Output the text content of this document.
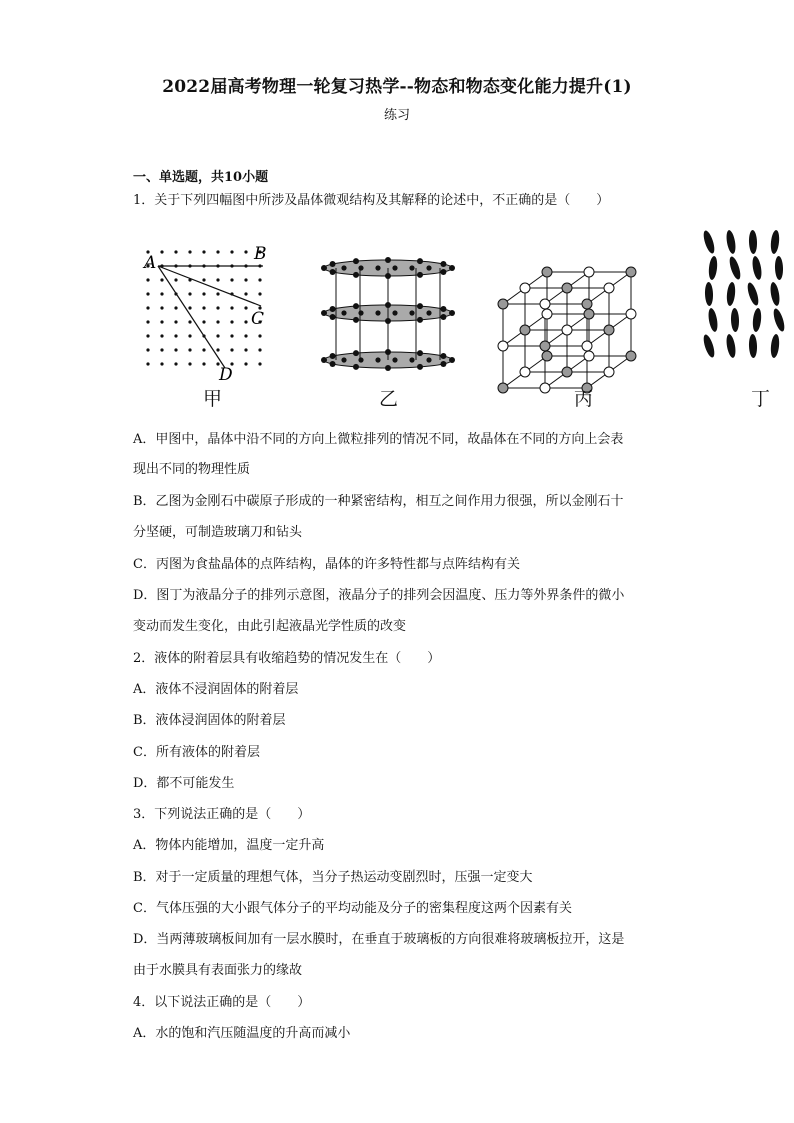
2022届高考物理一轮复习热学--物态和物态变化能力提升(1)
练习
一、单选题，共10小题
1．关于下列四幅图中所涉及晶体微观结构及其解释的论述中，不正确的是（　　）
A	B
C
D
甲	乙	丙	丁
A．甲图中，晶体中沿不同的方向上微粒排列的情况不同，故晶体在不同的方向上会表
现出不同的物理性质
B．乙图为金刚石中碳原子形成的一种紧密结构，相互之间作用力很强，所以金刚石十
分坚硬，可制造玻璃刀和钻头
C．丙图为食盐晶体的点阵结构，晶体的许多特性都与点阵结构有关
D．图丁为液晶分子的排列示意图，液晶分子的排列会因温度、压力等外界条件的微小
变动而发生变化，由此引起液晶光学性质的改变
2．液体的附着层具有收缩趋势的情况发生在（　　）
A．液体不浸润固体的附着层
B．液体浸润固体的附着层
C．所有液体的附着层
D．都不可能发生
3．下列说法正确的是（　　）
A．物体内能增加，温度一定升高
B．对于一定质量的理想气体，当分子热运动变剧烈时，压强一定变大
C．气体压强的大小跟气体分子的平均动能及分子的密集程度这两个因素有关
D．当两薄玻璃板间加有一层水膜时，在垂直于玻璃板的方向很难将玻璃板拉开，这是
由于水膜具有表面张力的缘故
4．以下说法正确的是（　　）
A．水的饱和汽压随温度的升高而减小
